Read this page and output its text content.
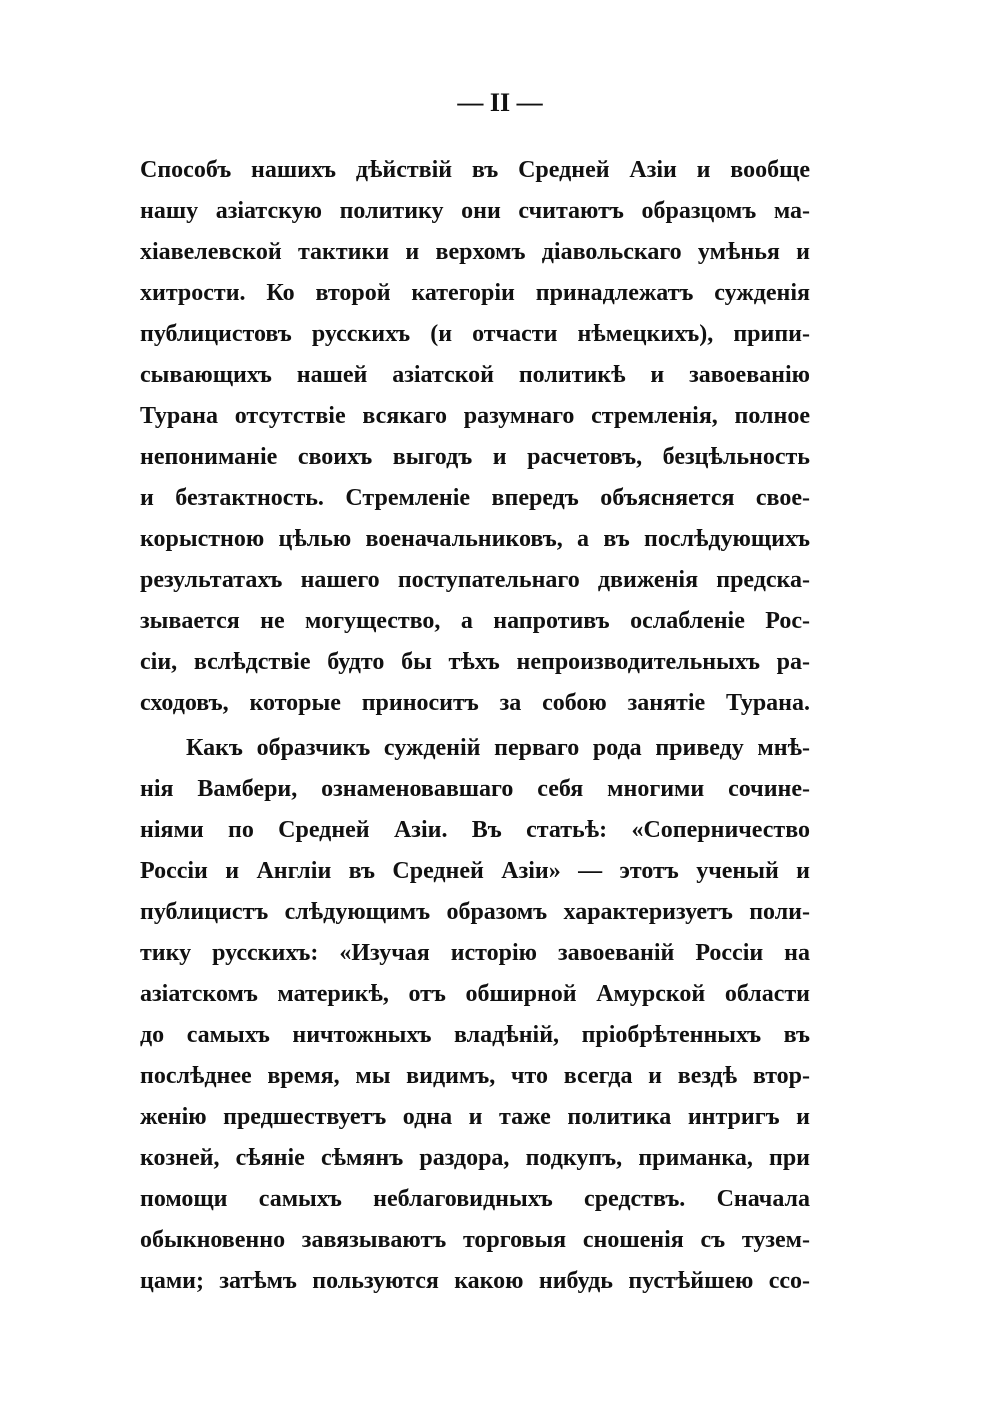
— II —
Способъ нашихъ дѣйствій въ Средней Азіи и вообще
нашу азіатскую политику они считаютъ образцомъ ма-
хіавелевской тактики и верхомъ діавольскаго умѣнья и
хитрости. Ко второй категоріи принадлежатъ сужденія
публицистовъ русскихъ (и отчасти нѣмецкихъ), припи-
сывающихъ нашей азіатской политикѣ и завоеванію
Турана отсутствіе всякаго разумнаго стремленія, полное
непониманіе своихъ выгодъ и расчетовъ, безцѣльность
и безтактность. Стремленіе впередъ объясняется свое-
корыстною цѣлью военачальниковъ, а въ послѣдующихъ
результатахъ нашего поступательнаго движенія предска-
зывается не могущество, а напротивъ ослабленіе Рос-
сіи, вслѣдствіе будто бы тѣхъ непроизводительныхъ ра-
сходовъ, которые приноситъ за собою занятіе Турана.
Какъ образчикъ сужденій перваго рода приведу мнѣ-
нія Вамбери, ознаменовавшаго себя многими сочине-
ніями по Средней Азіи. Въ статьѣ: «Соперничество
Россіи и Англіи въ Средней Азіи» — этотъ ученый и
публицистъ слѣдующимъ образомъ характеризуетъ поли-
тику русскихъ: «Изучая исторію завоеваній Россіи на
азіатскомъ материкѣ, отъ обширной Амурской области
до самыхъ ничтожныхъ владѣній, пріобрѣтенныхъ въ
послѣднее время, мы видимъ, что всегда и вездѣ втор-
женію предшествуетъ одна и таже политика интригъ и
козней, сѣяніе сѣмянъ раздора, подкупъ, приманка, при
помощи самыхъ неблаговидныхъ средствъ. Сначала
обыкновенно завязываютъ торговыя сношенія съ тузем-
цами; затѣмъ пользуются какою нибудь пустѣйшею ссо-
